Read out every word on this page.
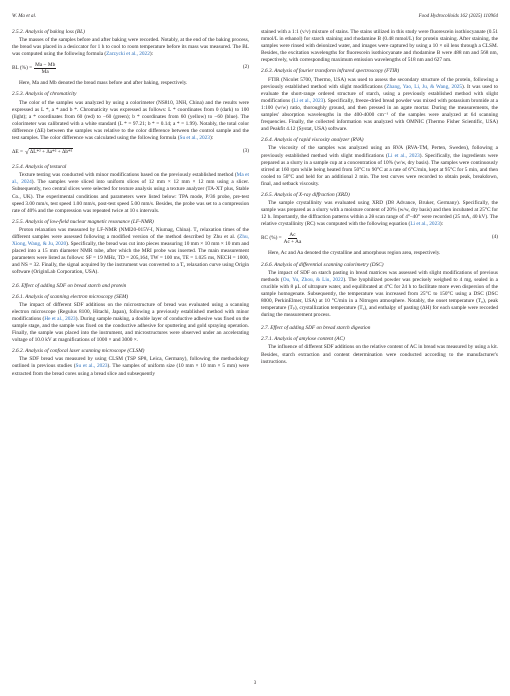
W. Ma et al.	Food Hydrocolloids 162 (2025) 110964
2.5.2. Analysis of baking loss (BL)
The masses of the samples before and after baking were recorded. Notably, at the end of the baking process, the bread was placed in a desiccator for 1 h to cool to room temperature before its mass was measured. The BL was computed using the following formula (Zarzycki et al., 2022):
BL (%) = $\frac{Ma - Mb}{Ma}$	(2)
Here, Ma and Mb denoted the bread mass before and after baking, respectively.
2.5.3. Analysis of chromaticity
The color of the samples was analyzed by using a colorimeter (NS810, 3NH, China) and the results were expressed as L *, a * and b *. Chromaticity was expressed as follows: L * coordinates from 0 (dark) to 100 (light); a * coordinates from 60 (red) to −60 (green); b * coordinates from 60 (yellow) to −60 (blue). The colorimeter was calibrated with a white standard (L * = 97.21; b * = 0.14; a * = 1.99). Notably, the total color difference (ΔE) between the samples was relative to the color difference between the control sample and the test samples. The color difference was calculated using the following formula (Su et al., 2023):
ΔE = √ ΔL*² + Δa*² + Δb*²	(3)
2.5.4. Analysis of textural
Texture testing was conducted with minor modifications based on the previously established method (Ma et al., 2024). The samples were sliced into uniform slices of 12 mm × 12 mm × 12 mm using a slicer. Subsequently, two central slices were selected for texture analysis using a texture analyzer (TA-XT plus, Stable Co., UK). The experimental conditions and parameters were listed below: TPA mode, P/36 probe, pre-test speed 3.00 mm/s, test speed 1.00 mm/s, post-test speed 5.00 mm/s. Besides, the probe was set to a compression rate of 40% and the compression was repeated twice at 10 s intervals.
2.5.5. Analysis of low-field nuclear magnetic resonance (LF-NMR)
Proton relaxation was measured by LF-NMR (NMI20-015V-I, Niumag, China). T₂ relaxation times of the different samples were assessed following a modified version of the method described by Zhu et al. (Zhu, Xiong, Wang, & Ju, 2020). Specifically, the bread was cut into pieces measuring 10 mm × 10 mm × 10 mm and placed into a 15 mm diameter NMR tube, after which the MRI probe was inserted. The main measurement parameters were listed as follows: SF = 19 MHz, TD = 205,164, TW = 100 ms, TE = 1.025 ms, NECH = 1000, and NS = 32. Finally, the signal acquired by the instrument was converted to a T₂ relaxation curve using Origin software (OriginLab Corporation, USA).
2.6. Effect of adding SDF on bread starch and protein
2.6.1. Analysis of scanning electron microscopy (SEM)
The impact of different SDF additions on the microstructure of bread was evaluated using a scanning electron microscope (Regulus 8100, Hitachi, Japan), following a previously established method with minor modifications (He et al., 2023). During sample making, a double layer of conductive adhesive was fixed on the sample stage, and the sample was fixed on the conductive adhesive for sputtering and gold spraying operation. Finally, the sample was placed into the instrument, and microstructures were observed under an accelerating voltage of 10.0 kV at magnifications of 1000 × and 3000 ×.
2.6.2. Analysis of confocal laser scanning microscope (CLSM)
The SDF bread was measured by using CLSM (TSP SP8, Leica, Germany), following the methodology outlined in previous studies (Su et al., 2023). The samples of uniform size (10 mm × 10 mm × 5 mm) were extracted from the bread cores using a bread slice and subsequently
stained with a 1:1 (v/v) mixture of stains. The stains utilized in this study were fluorescein isothiocyanate (0.51 mmol/L in ethanol) for starch staining and rhodamine B (0.48 mmol/L) for protein staining. After staining, the samples were rinsed with deionized water, and images were captured by using a 10 × oil lens through a CLSM. Besides, the excitation wavelengths for fluorescein isothiocyanate and rhodamine B were 488 nm and 568 nm, respectively, with corresponding maximum emission wavelengths of 518 nm and 627 nm.
2.6.3. Analysis of fourier transform infrared spectroscopy (FTIR)
FTIR (Nicolet 5700, Thermo, USA) was used to assess the secondary structure of the protein, following a previously established method with slight modifications (Zhang, Yao, Li, Ju, & Wang, 2025). It was used to evaluate the short-range ordered structure of starch, using a previously established method with slight modifications (Li et al., 2023). Specifically, freeze-dried bread powder was mixed with potassium bromide at a 1:100 (w/w) ratio, thoroughly ground, and then pressed in an agate mortar. During the measurements, the samples' absorption wavelengths in the 400-4000 cm⁻¹ of the samples were analyzed at 64 scanning frequencies. Finally, the collected information was analyzed with OMNIC (Thermo Fisher Scientific, USA) and Peakfit 4.12 (Systat, USA) software.
2.6.4. Analysis of rapid viscosity analyzer (RVA)
The viscosity of the samples was analyzed using an RVA (RVA-TM, Perten, Sweden), following a previously established method with slight modifications (Li et al., 2023). Specifically, the ingredients were prepared as a slurry in a sample cup at a concentration of 10% (w/w, dry basis). The samples were continuously stirred at 160 rpm while being heated from 50°C to 90°C at a rate of 6°C/min, kept at 95°C for 5 min, and then cooled to 50°C and held for an additional 2 min. The test curves were recorded to obtain peak, breakdown, final, and setback viscosity.
2.6.5. Analysis of X-ray diffraction (XRD)
The sample crystallinity was evaluated using XRD (D8 Advance, Bruker, Germany). Specifically, the sample was prepared as a slurry with a moisture content of 20% (w/w, dry basis) and then incubated at 25°C for 12 h. Importantly, the diffraction patterns within a 2θ scan range of 4°–40° were recorded (25 mA, 40 kV). The relative crystallinity (RC) was computed with the following equation (Li et al., 2023):
RC (%) = $\frac{Ac}{Ac + Aa}$	(4)
Here, Ac and Aa denoted the crystalline and amorphous region area, respectively.
2.6.6. Analysis of differential scanning calorimetry (DSC)
The impact of SDF on starch pasting in bread matrices was assessed with slight modifications of previous methods (Ou, Yu, Zhou, & Liu, 2022). The lyophilized powder was precisely weighed to 4 mg, sealed in a crucible with 8 μL of ultrapure water, and equilibrated at 4°C for 24 h to facilitate more even dispersion of the sample homogenate. Subsequently, the temperature was increased from 25°C to 150°C using a DSC (DSC 8000, PerkinElmer, USA) at 10 °C/min in a Nitrogen atmosphere. Notably, the onset temperature (T₀), peak temperature (Tₚ), crystallization temperature (T꜀), and enthalpy of pasting (ΔH) for each sample were recorded during the measurement process.
2.7. Effect of adding SDF on bread starch digestion
2.7.1. Analysis of amylose content (AC)
The influence of different SDF additions on the relative content of AC in bread was measured by using a kit. Besides, starch extraction and content determination were conducted according to the manufacturer's instructions.
3
